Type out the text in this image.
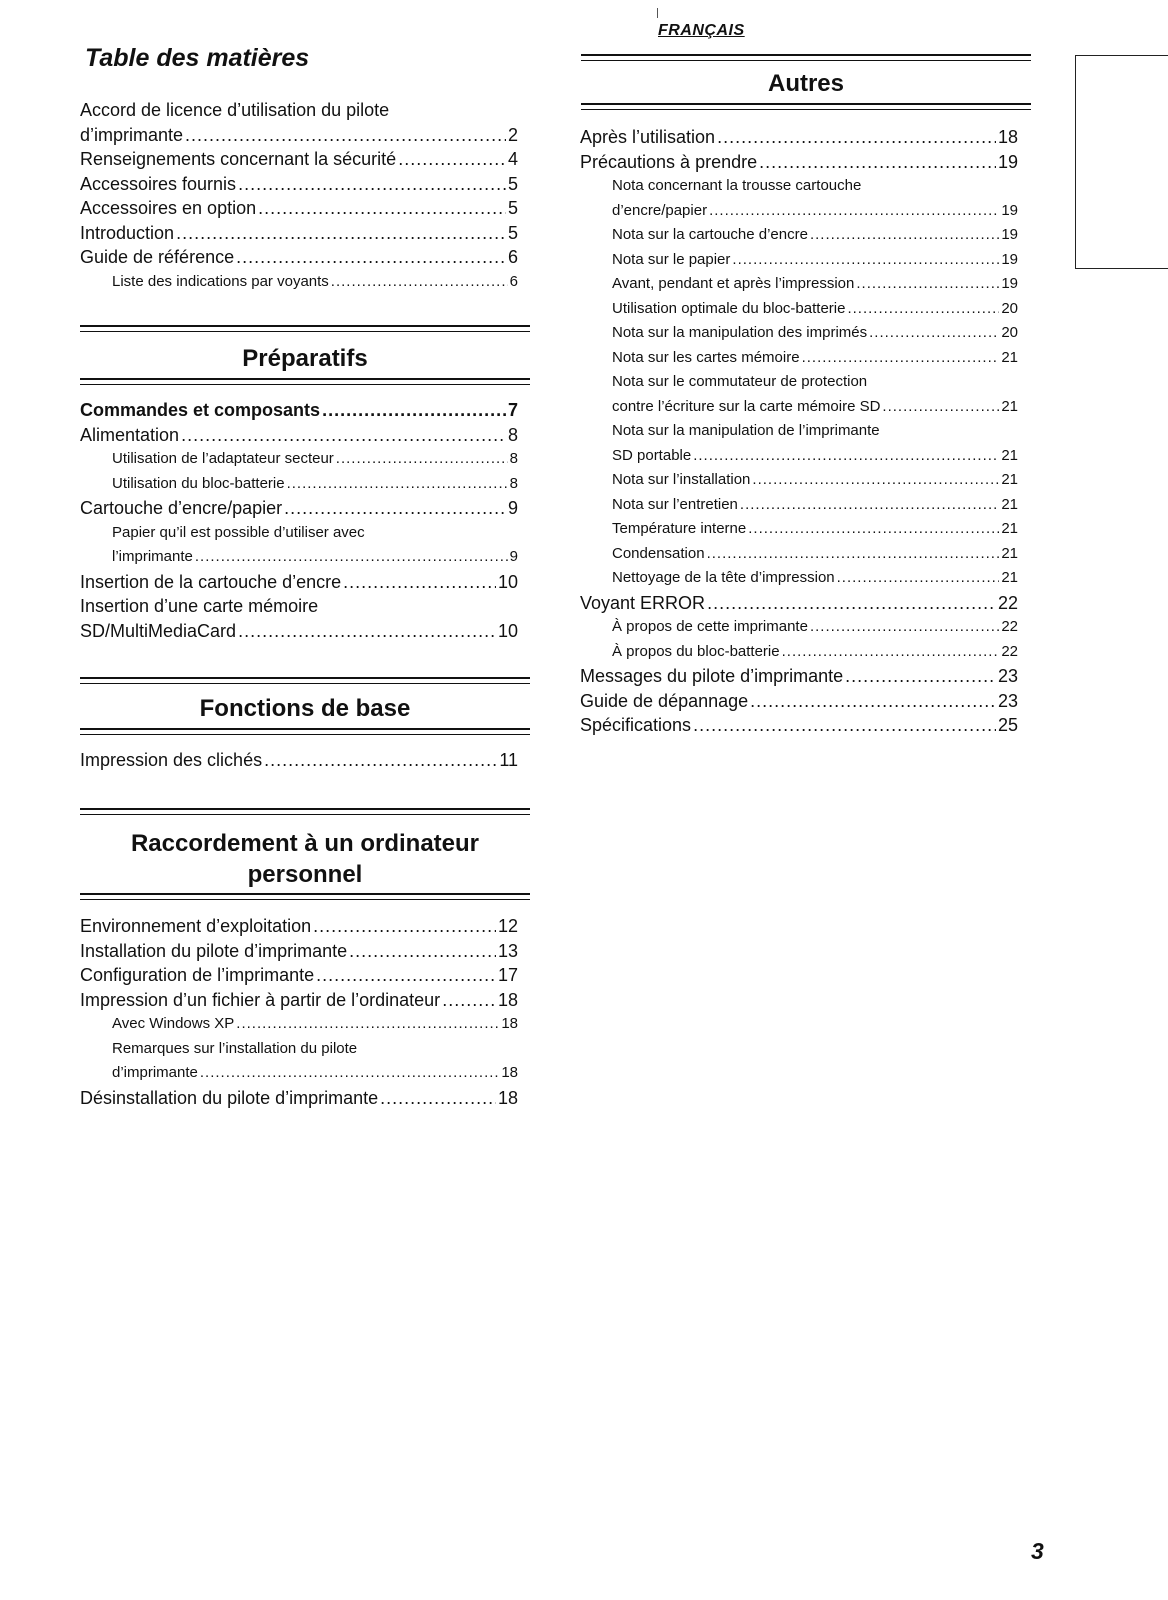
FRANÇAIS
Table des matières
Accord de licence d’utilisation du pilote
d’imprimante .....	2
Renseignements concernant la sécurité .....	4
Accessoires fournis .....	5
Accessoires en option .....	5
Introduction .....	5
Guide de référence .....	6
Liste des indications par voyants .....	6
Préparatifs
Commandes et composants .....	7
Alimentation .....	8
Utilisation de l’adaptateur secteur .....	8
Utilisation du bloc-batterie .....	8
Cartouche d’encre/papier .....	9
Papier qu’il est possible d’utiliser avec
l’imprimante .....	9
Insertion de la cartouche d’encre .....	10
Insertion d’une carte mémoire
SD/MultiMediaCard .....	10
Fonctions de base
Impression des clichés .....	11
Raccordement à un ordinateur
personnel
Environnement d’exploitation .....	12
Installation du pilote d’imprimante .....	13
Configuration de l’imprimante .....	17
Impression d’un fichier à partir de l’ordinateur .....	18
Avec Windows XP .....	18
Remarques sur l’installation du pilote
d’imprimante .....	18
Désinstallation du pilote d’imprimante .....	18
Autres
Après l’utilisation .....	18
Précautions à prendre .....	19
Nota concernant la trousse cartouche
d’encre/papier .....	19
Nota sur la cartouche d’encre .....	19
Nota sur le papier .....	19
Avant, pendant et après l’impression .....	19
Utilisation optimale du bloc-batterie .....	20
Nota sur la manipulation des imprimés .....	20
Nota sur les cartes mémoire .....	21
Nota sur le commutateur de protection
contre l’écriture sur la carte mémoire SD .....	21
Nota sur la manipulation de l’imprimante
SD portable .....	21
Nota sur l’installation .....	21
Nota sur l’entretien .....	21
Température interne .....	21
Condensation .....	21
Nettoyage de la tête d’impression .....	21
Voyant ERROR .....	22
À propos de cette imprimante .....	22
À propos du bloc-batterie .....	22
Messages du pilote d’imprimante .....	23
Guide de dépannage .....	23
Spécifications .....	25
3
